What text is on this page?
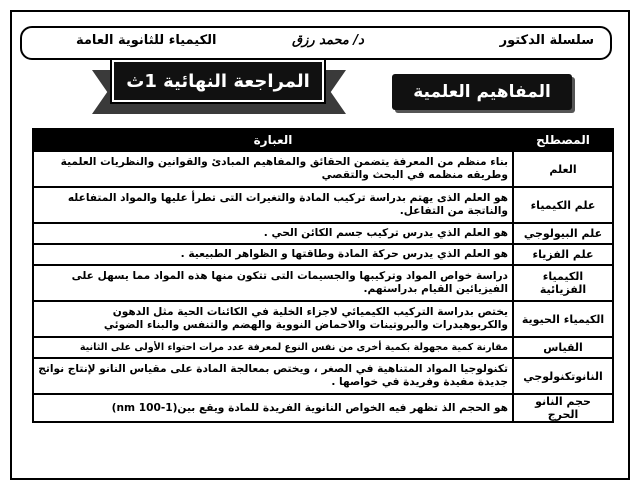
سلسلة الدكتور
د/ محمد رزق
الكيمياء للثانوية العامة
المراجعة النهائية 1ث
المفاهيم العلمية
العبارة	المصطلح
بناء منظم من المعرفة يتضمن الحقائق والمفاهيم المبادئ والقوانين والنظريات العلمية وطريقه منظمه في البحث والتقصي	العلم
هو العلم الذى يهتم بدراسة تركيب المادة والتغيرات التى تطرأ عليها والمواد المتفاعله والناتجة من التفاعل.	علم الكيمياء
هو العلم الذي يدرس تركيب جسم الكائن الحي .	علم البيولوجي
هو العلم الذي يدرس حركة المادة وطاقتها و الظواهر الطبيعية .	علم الفزياء
دراسة خواص المواد وتركيبها والجسيمات التى تتكون منها هذه المواد مما يسهل على الفيزيائين القيام بدراستهم.	الكيمياء الفزيائية
يختص بدراسة التركيب الكيميائي لاجزاء الخلية في الكائنات الحية مثل الدهون والكربوهيدرات والبروتينات والاحماض النووية والهضم والتنفس والبناء الضوئي	الكيمياء الحيوية
مقارنة كمية مجهولة بكمية أخرى من نفس النوع لمعرفة عدد مرات احتواء الأولى على الثانية	القياس
تكنولوجيا المواد المتناهية في الصغر ، ويختص بمعالجة المادة على مقياس النانو لإنتاج نواتج جديدة مفيدة وفريدة في خواصها .	النانوتكنولوجي
هو الحجم الذ تظهر فيه الخواص النانوية الفريدة للمادة ويقع بين(nm 100-1)	حجم النانو الحرج
